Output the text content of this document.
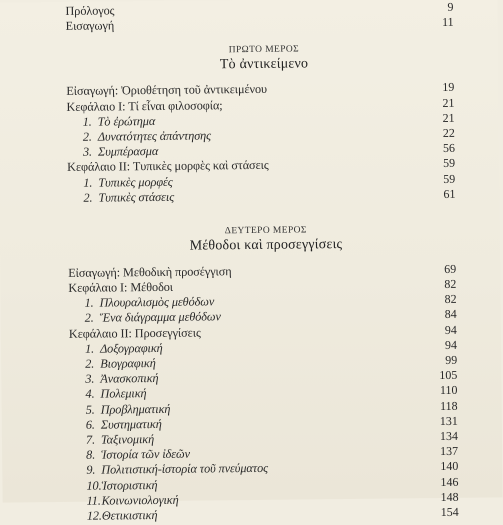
Πρόλογος	9
Εισαγωγή	11
ΠΡΩΤΟ ΜΕΡΟΣ
Τὸ ἀντικείμενο
Εἰσαγωγή: Ὀριοθέτηση τοῦ ἀντικειμένου	19
Κεφάλαιο Ι: Τί εἶναι φιλοσοφία;	21
1. Τὸ ἐρώτημα	21
2. Δυνατότητες ἀπάντησης	22
3. Συμπέρασμα	56
Κεφάλαιο ΙΙ: Τυπικὲς μορφὲς καὶ στάσεις	59
1. Τυπικὲς μορφές	59
2. Τυπικὲς στάσεις	61
ΔΕΥΤΕΡΟ ΜΕΡΟΣ
Μέθοδοι καὶ προσεγγίσεις
Εἰσαγωγή: Μεθοδικὴ προσέγγιση	69
Κεφάλαιο Ι: Μέθοδοι	82
1. Πλουραλισμὸς μεθόδων	82
2. Ἕνα διάγραμμα μεθόδων	84
Κεφάλαιο ΙΙ: Προσεγγίσεις	94
1. Δοξογραφική	94
2. Βιογραφική	99
3. Ἀνασκοπική	105
4. Πολεμική	110
5. Προβληματική	118
6. Συστηματική	131
7. Ταξινομική	134
8. Ἱστορία τῶν ἰδεῶν	137
9. Πολιτιστική-ἱστορία τοῦ πνεύματος	140
10.Ἱστοριστική	146
11.Κοινωνιολογική	148
12.Θετικιστική	154
